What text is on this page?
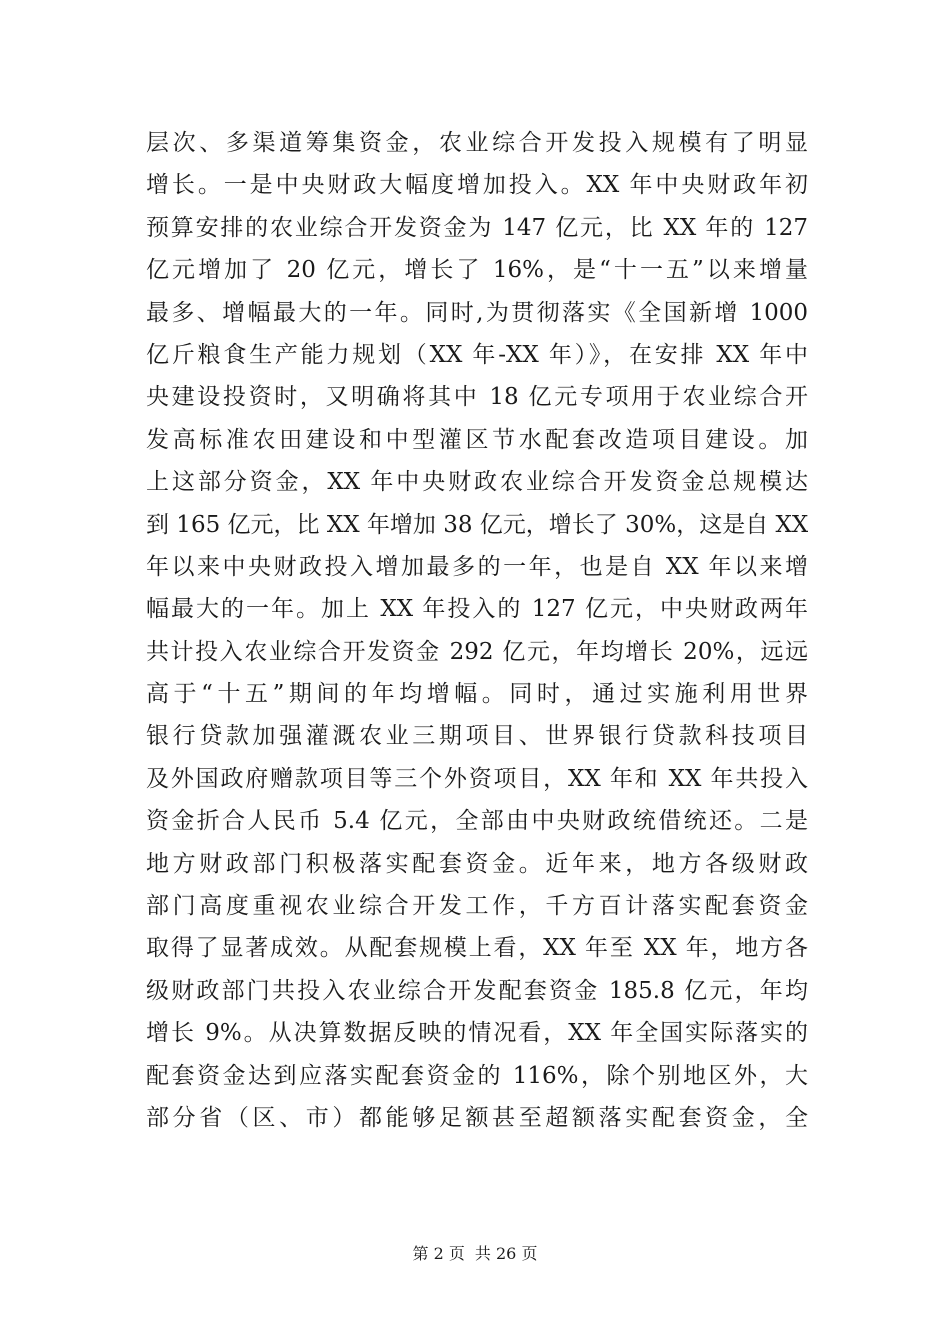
层次、多渠道筹集资金，农业综合开发投入规模有了明显
增长。一是中央财政大幅度增加投入。XX 年中央财政年初
预算安排的农业综合开发资金为 147 亿元，比 XX 年的 127
亿元增加了 20 亿元，增长了 16%，是“十一五”以来增量
最多、增幅最大的一年。同时,为贯彻落实《全国新增 1000
亿斤粮食生产能力规划（XX 年-XX 年）》，在安排 XX 年中
央建设投资时，又明确将其中 18 亿元专项用于农业综合开
发高标准农田建设和中型灌区节水配套改造项目建设。加
上这部分资金，XX 年中央财政农业综合开发资金总规模达
到 165 亿元，比 XX 年增加 38 亿元，增长了 30%，这是自 XX
年以来中央财政投入增加最多的一年，也是自 XX 年以来增
幅最大的一年。加上 XX 年投入的 127 亿元，中央财政两年
共计投入农业综合开发资金 292 亿元，年均增长 20%，远远
高于“十五”期间的年均增幅。同时，通过实施利用世界
银行贷款加强灌溉农业三期项目、世界银行贷款科技项目
及外国政府赠款项目等三个外资项目，XX 年和 XX 年共投入
资金折合人民币 5.4 亿元，全部由中央财政统借统还。二是
地方财政部门积极落实配套资金。近年来，地方各级财政
部门高度重视农业综合开发工作，千方百计落实配套资金
取得了显著成效。从配套规模上看，XX 年至 XX 年，地方各
级财政部门共投入农业综合开发配套资金 185.8 亿元，年均
增长 9%。从决算数据反映的情况看，XX 年全国实际落实的
配套资金达到应落实配套资金的 116%，除个别地区外，大
部分省（区、市）都能够足额甚至超额落实配套资金，全
第 2 页 共 26 页
